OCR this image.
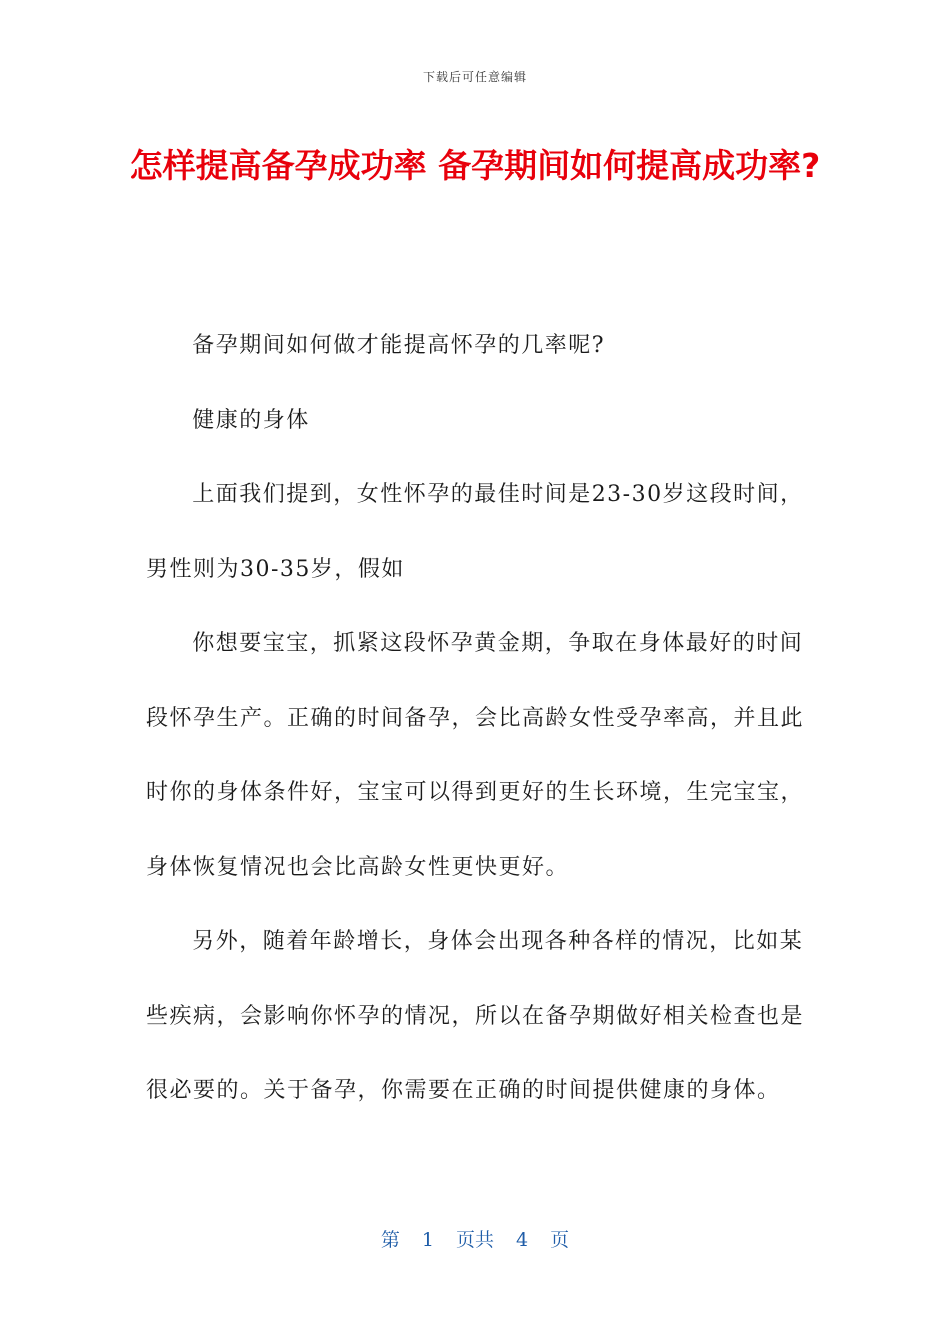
下载后可任意编辑
怎样提高备孕成功率 备孕期间如何提高成功率?

备孕期间如何做才能提高怀孕的几率呢?

健康的身体

上面我们提到，女性怀孕的最佳时间是23-30岁这段时间，男性则为30-35岁，假如

你想要宝宝，抓紧这段怀孕黄金期，争取在身体最好的时间段怀孕生产。正确的时间备孕，会比高龄女性受孕率高，并且此时你的身体条件好，宝宝可以得到更好的生长环境，生完宝宝，身体恢复情况也会比高龄女性更快更好。

另外，随着年龄增长，身体会出现各种各样的情况，比如某些疾病，会影响你怀孕的情况，所以在备孕期做好相关检查也是很必要的。关于备孕，你需要在正确的时间提供健康的身体。

第 1 页共 4 页
